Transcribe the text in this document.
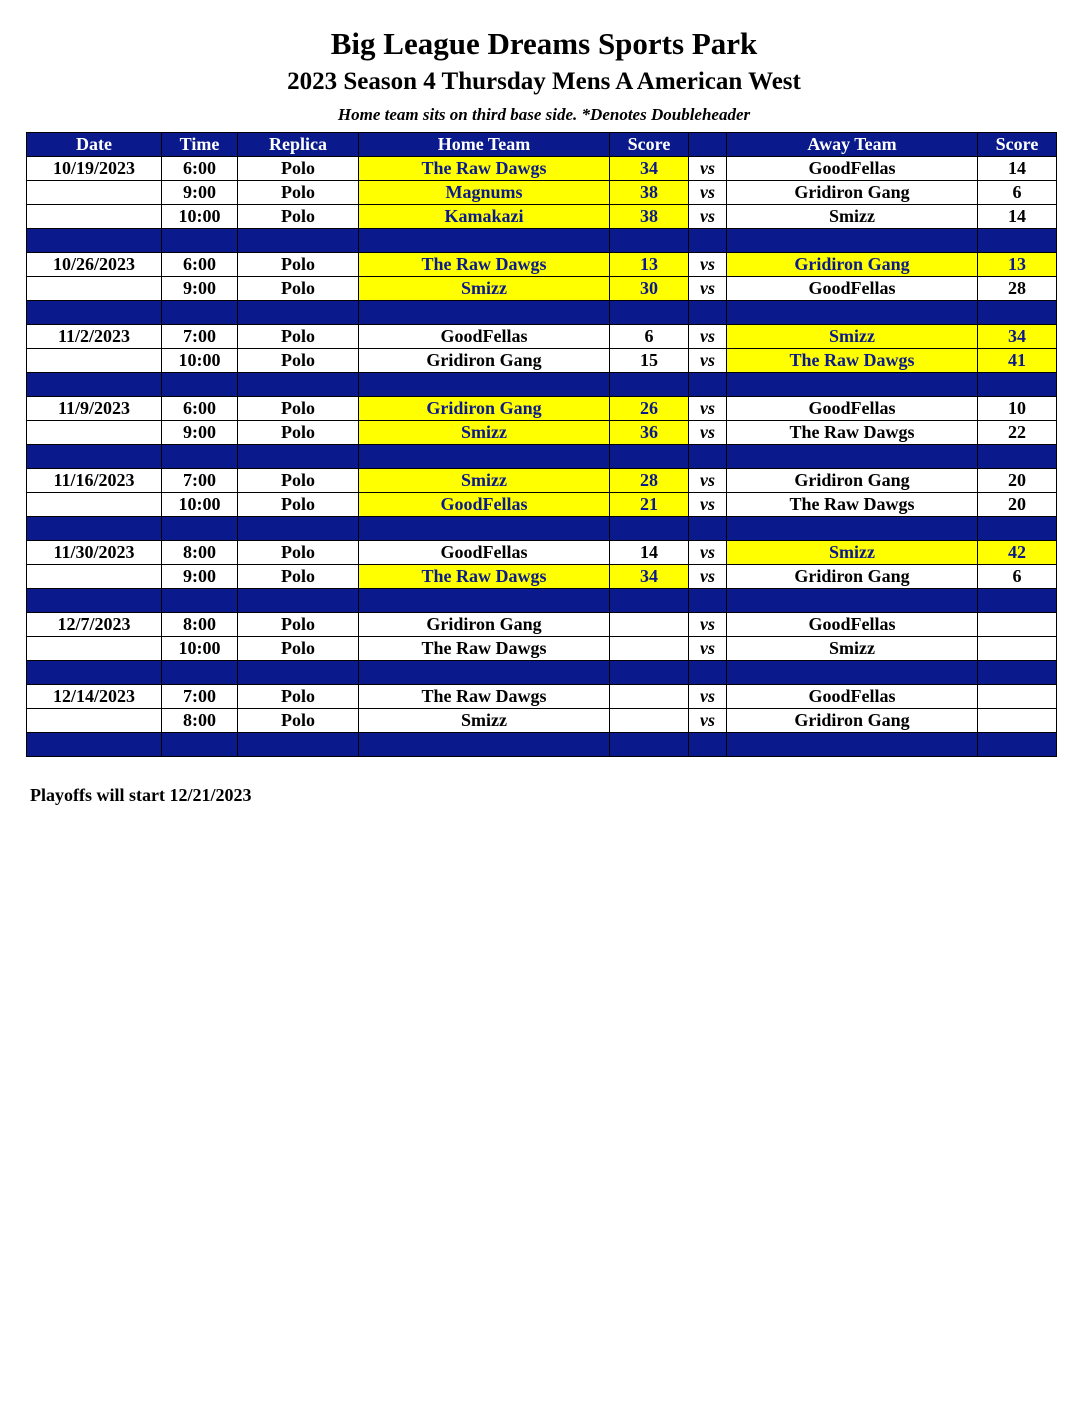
Big League Dreams Sports Park
2023 Season 4 Thursday Mens A American West
Home team sits on third base side. *Denotes Doubleheader
Date	Time	Replica	Home Team	Score		Away Team	Score
10/19/2023	6:00	Polo	The Raw Dawgs	34	vs	GoodFellas	14
	9:00	Polo	Magnums	38	vs	Gridiron Gang	6
	10:00	Polo	Kamakazi	38	vs	Smizz	14

10/26/2023	6:00	Polo	The Raw Dawgs	13	vs	Gridiron Gang	13
	9:00	Polo	Smizz	30	vs	GoodFellas	28

11/2/2023	7:00	Polo	GoodFellas	6	vs	Smizz	34
	10:00	Polo	Gridiron Gang	15	vs	The Raw Dawgs	41

11/9/2023	6:00	Polo	Gridiron Gang	26	vs	GoodFellas	10
	9:00	Polo	Smizz	36	vs	The Raw Dawgs	22

11/16/2023	7:00	Polo	Smizz	28	vs	Gridiron Gang	20
	10:00	Polo	GoodFellas	21	vs	The Raw Dawgs	20

11/30/2023	8:00	Polo	GoodFellas	14	vs	Smizz	42
	9:00	Polo	The Raw Dawgs	34	vs	Gridiron Gang	6

12/7/2023	8:00	Polo	Gridiron Gang		vs	GoodFellas	
	10:00	Polo	The Raw Dawgs		vs	Smizz	

12/14/2023	7:00	Polo	The Raw Dawgs		vs	GoodFellas	
	8:00	Polo	Smizz		vs	Gridiron Gang	

Playoffs will start 12/21/2023
